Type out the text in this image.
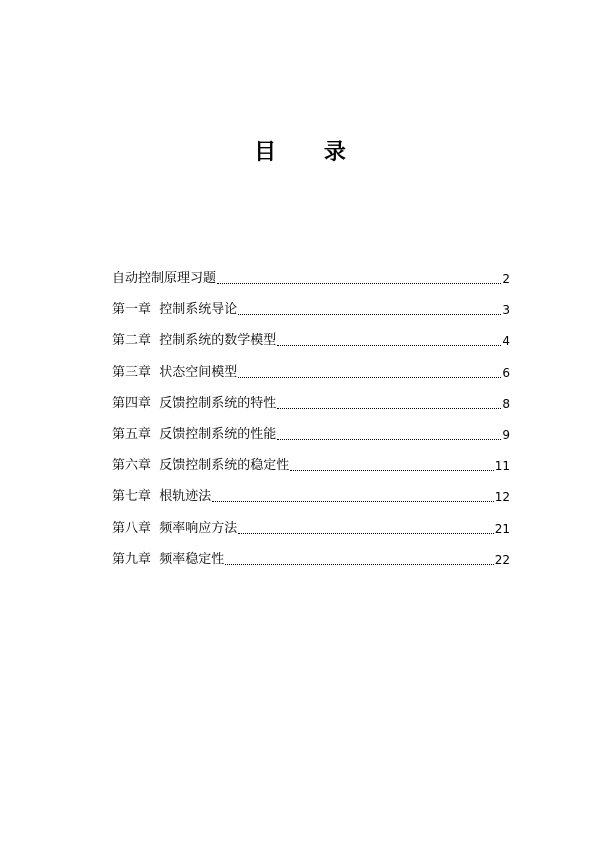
目 录
自动控制原理习题	2
第一章  控制系统导论	3
第二章  控制系统的数学模型	4
第三章  状态空间模型	6
第四章  反馈控制系统的特性	8
第五章  反馈控制系统的性能	9
第六章  反馈控制系统的稳定性	11
第七章  根轨迹法	12
第八章  频率响应方法	21
第九章  频率稳定性	22
